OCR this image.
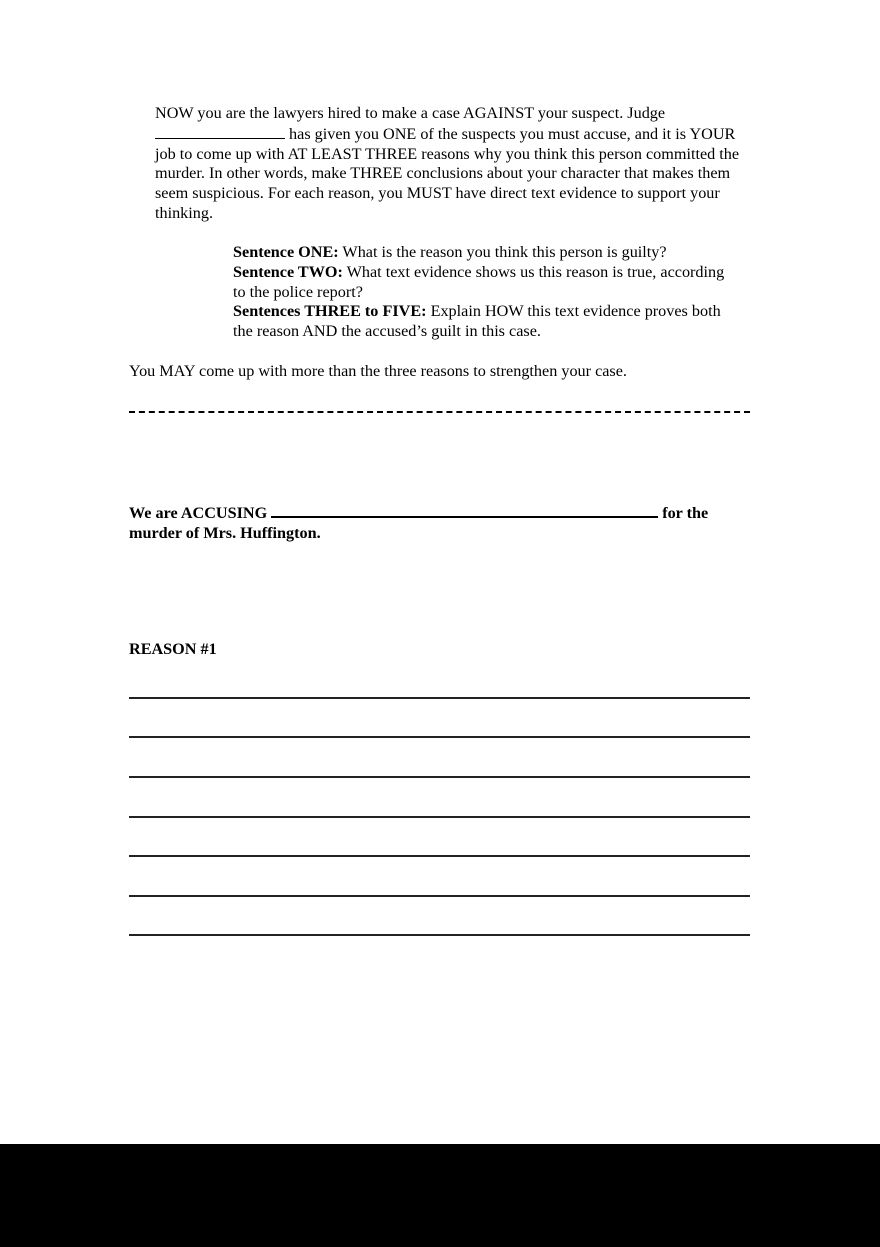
NOW you are the lawyers hired to make a case AGAINST your suspect. Judge
has given you ONE of the suspects you must accuse, and it is YOUR job to come up with AT LEAST THREE reasons why you think this person committed the murder. In other words, make THREE conclusions about your character that makes them seem suspicious. For each reason, you MUST have direct text evidence to support your thinking.

Sentence ONE: What is the reason you think this person is guilty?
Sentence TWO: What text evidence shows us this reason is true, according to the police report?
Sentences THREE to FIVE: Explain HOW this text evidence proves both the reason AND the accused’s guilt in this case.

You MAY come up with more than the three reasons to strengthen your case.

We are ACCUSING	for the murder of Mrs. Huffington.

REASON #1
